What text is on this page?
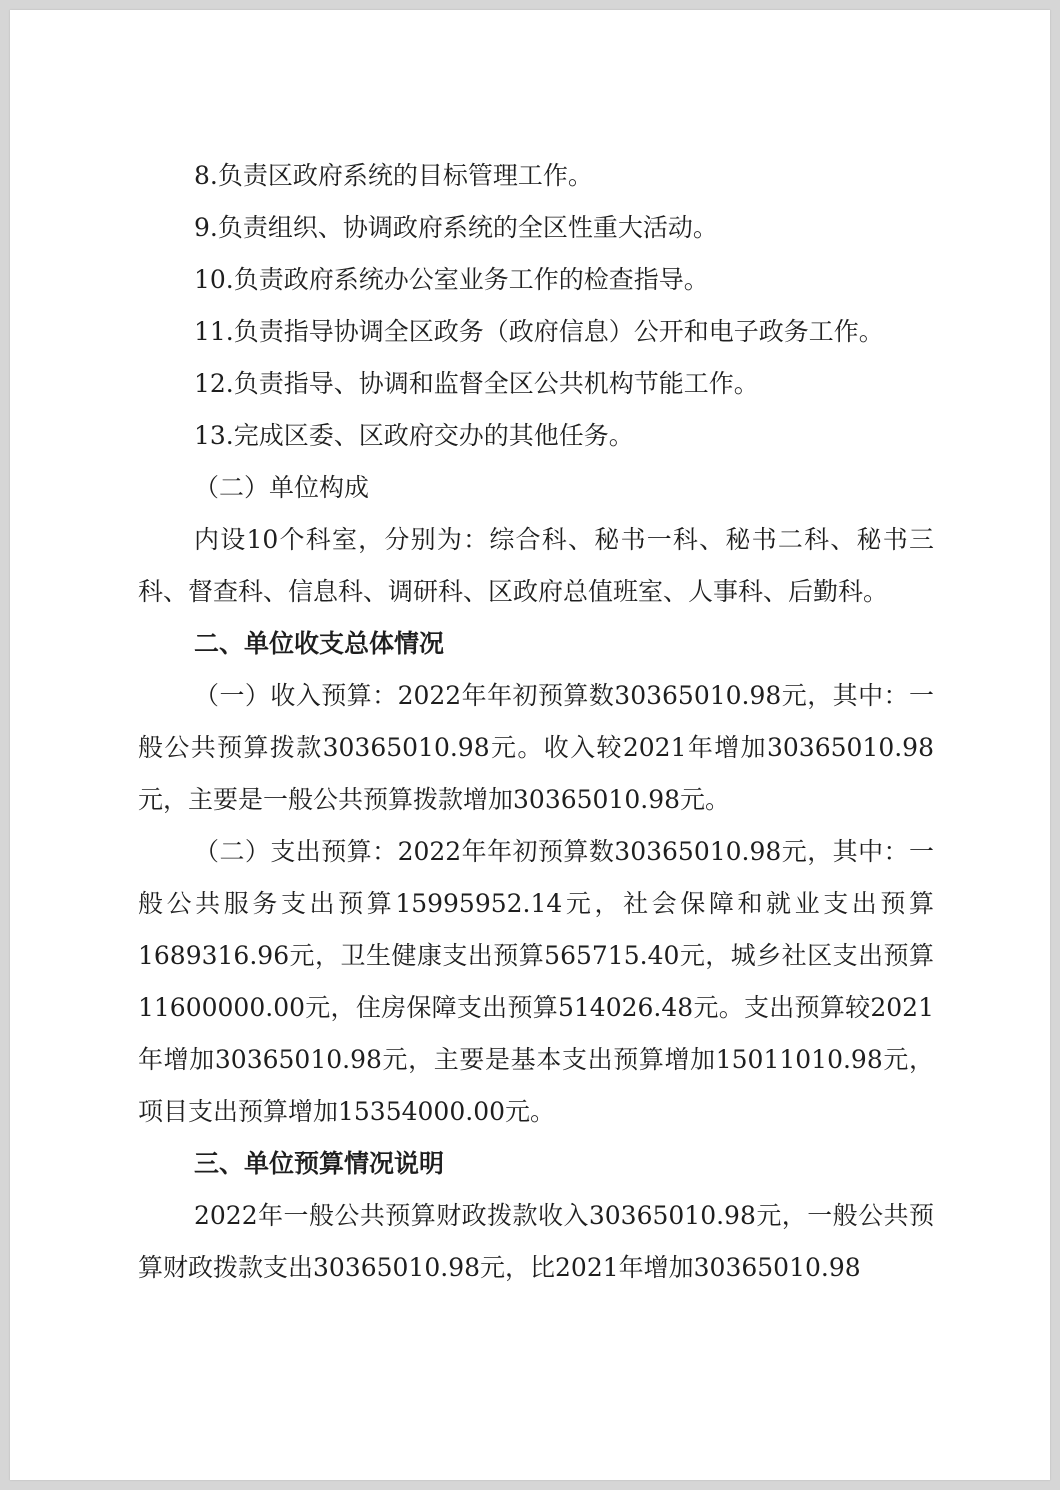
8.负责区政府系统的目标管理工作。

9.负责组织、协调政府系统的全区性重大活动。

10.负责政府系统办公室业务工作的检查指导。

11.负责指导协调全区政务（政府信息）公开和电子政务工作。

12.负责指导、协调和监督全区公共机构节能工作。

13.完成区委、区政府交办的其他任务。

（二）单位构成

内设10个科室，分别为：综合科、秘书一科、秘书二科、秘书三科、督查科、信息科、调研科、区政府总值班室、人事科、后勤科。

二、单位收支总体情况

（一）收入预算：2022年年初预算数30365010.98元，其中：一般公共预算拨款30365010.98元。收入较2021年增加30365010.98元，主要是一般公共预算拨款增加30365010.98元。

（二）支出预算：2022年年初预算数30365010.98元，其中：一般公共服务支出预算15995952.14元，社会保障和就业支出预算1689316.96元，卫生健康支出预算565715.40元，城乡社区支出预算11600000.00元，住房保障支出预算514026.48元。支出预算较2021年增加30365010.98元，主要是基本支出预算增加15011010.98元，项目支出预算增加15354000.00元。

三、单位预算情况说明

2022年一般公共预算财政拨款收入30365010.98元，一般公共预算财政拨款支出30365010.98元，比2021年增加30365010.98
